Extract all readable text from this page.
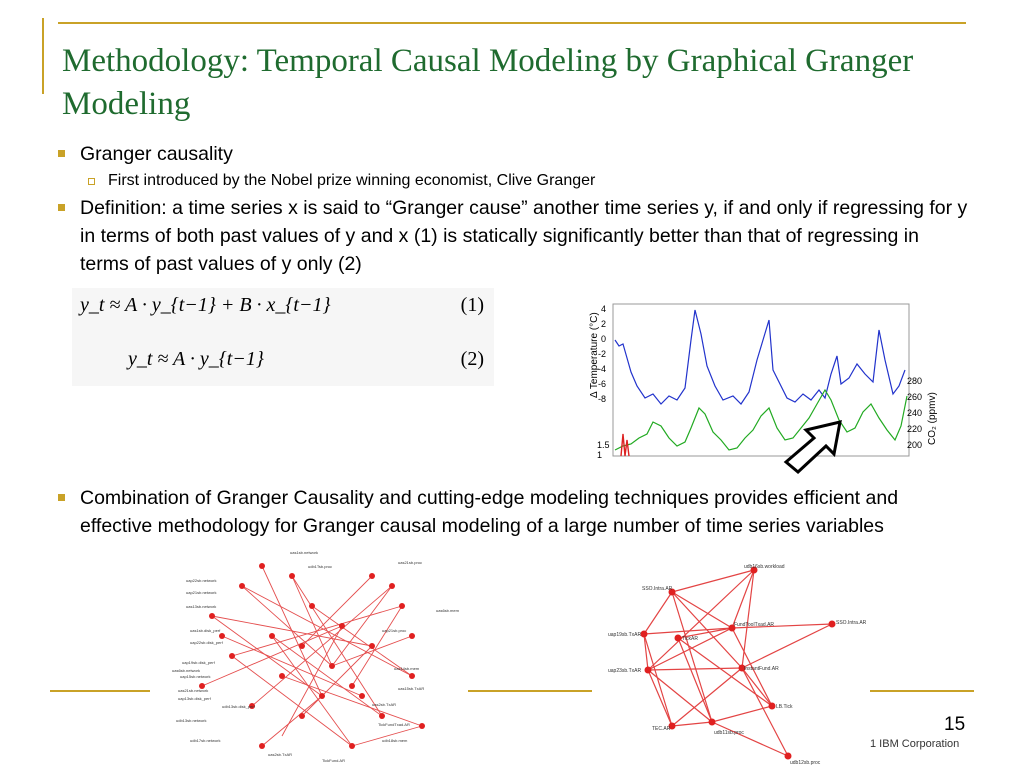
Methodology: Temporal Causal Modeling by Graphical Granger Modeling
Granger causality
First introduced by the Nobel prize winning economist, Clive Granger
Definition: a time series x is said to “Granger cause” another time series y, if and only if regressing for y in terms of both past values of y and x (1) is statically significantly better than that of regressing in terms of past values of y only (2)
y_t ≈ A · y_{t−1} + B · x_{t−1}	(1)
y_t ≈ A · y_{t−1}	(2)	Δ Temperature (°C)
CO₂ (ppmv)
4
2
0
-2
-4
-6
-8
280
260
240
220
200
1.5
1
Combination of Granger Causality and cutting-edge modeling techniques provides efficient and effective methodology for Granger causal modeling of a large number of time series variables
uas1sb.network
uap22sb.network
uap21sb.network
uas13sb.network
uas1sb.disk_perf
uap22sb.disk_perf
uap19sb.disk_perf
uas6sb.network
uap15sb.network
uas21sb.network
uap13sb.disk_perf
udb13sb.network
udb17sb.network
udb13sb.disk_perf
uas2sb.TxAR
TickFund.AR
udb1Tsb.proc
uas21sb.proc
uas6sb.mem
uas14sb.mem
uas15sb.TxAR
uap21sb.proc
uas2sb.TxAR
udb18sb.mem
TickFundTxad.AR
udb16sb.workload
SSO.Intra.AR
FundToolTxad.AR	SSO.Intra.AR
uap19sb.TxAR
TickAR
uap23sb.TxAR	InstantFund.AR
LB.Tick
TEC.AR
udb11sb.proc
udb12sb.proc
15
1 IBM Corporation
